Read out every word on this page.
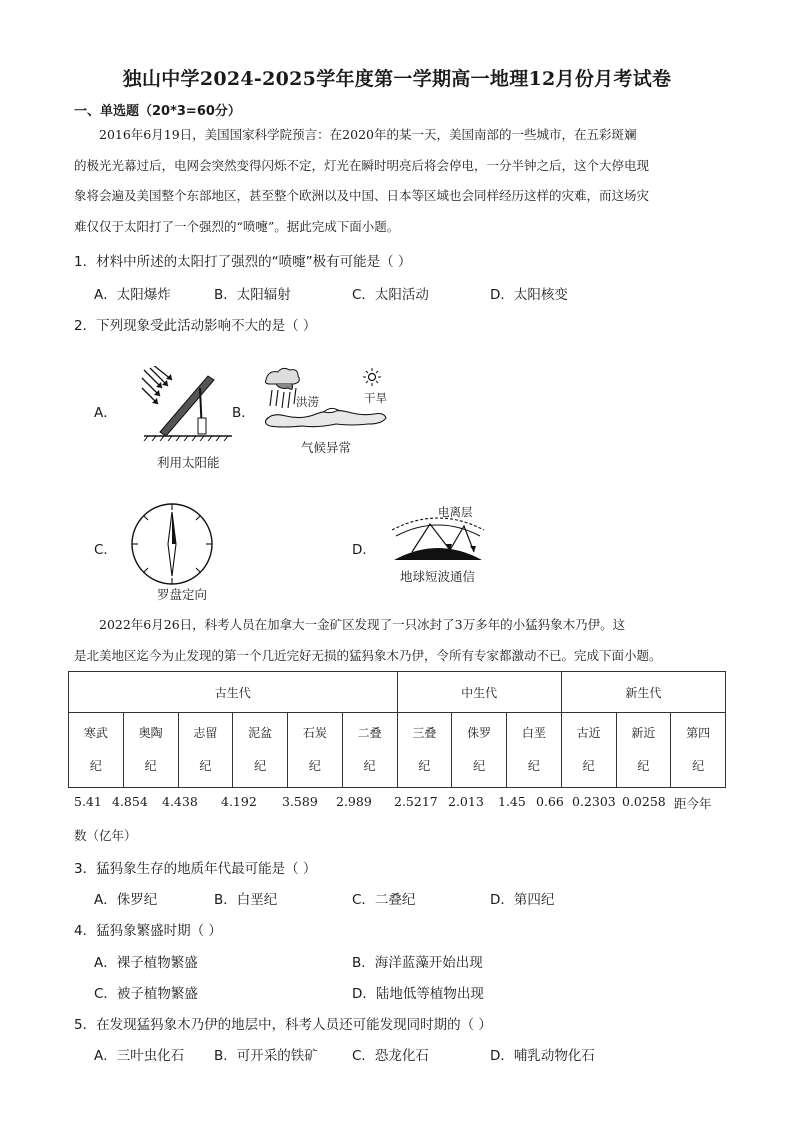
独山中学2024-2025学年度第一学期高一地理12月份月考试卷
一、单选题（20*3=60分）

2016年6月19日，美国国家科学院预言：在2020年的某一天，美国南部的一些城市，在五彩斑斓

的极光光幕过后，电网会突然变得闪烁不定，灯光在瞬时明亮后将会停电，一分半钟之后，这个大停电现

象将会遍及美国整个东部地区，甚至整个欧洲以及中国、日本等区域也会同样经历这样的灾难，而这场灾

难仅仅于太阳打了一个强烈的“喷嚏”。据此完成下面小题。

1．材料中所述的太阳打了强烈的“喷嚏”极有可能是（ ）
A．太阳爆炸	B．太阳辐射	C．太阳活动	D．太阳核变
2．下列现象受此活动影响不大的是（ ）
A．
利用太阳能
B．
洪涝	干旱
气候异常
C．
罗盘定向
D．
电离层
地球短波通信

2022年6月26日，科考人员在加拿大一金矿区发现了一只冰封了3万多年的小猛犸象木乃伊。这

是北美地区迄今为止发现的第一个几近完好无损的猛犸象木乃伊，令所有专家都激动不已。完成下面小题。

古生代						中生代			新生代		
寒武
纪	奥陶
纪	志留
纪	泥盆
纪	石炭
纪	二叠
纪	三叠
纪	侏罗
纪	白垩
纪	古近
纪	新近
纪	第四
纪
5.41 4.854 4.438 4.192 3.589 2.989 2.5217 2.013 1.45 0.66 0.2303 0.0258 距今年
数（亿年）
3．猛犸象生存的地质年代最可能是（ ）
A．侏罗纪	B．白垩纪	C．二叠纪	D．第四纪
4．猛犸象繁盛时期（ ）
A．裸子植物繁盛	B．海洋蓝藻开始出现
C．被子植物繁盛	D．陆地低等植物出现
5．在发现猛犸象木乃伊的地层中，科考人员还可能发现同时期的（ ）
A．三叶虫化石 B．可开采的铁矿	C．恐龙化石	D．哺乳动物化石
